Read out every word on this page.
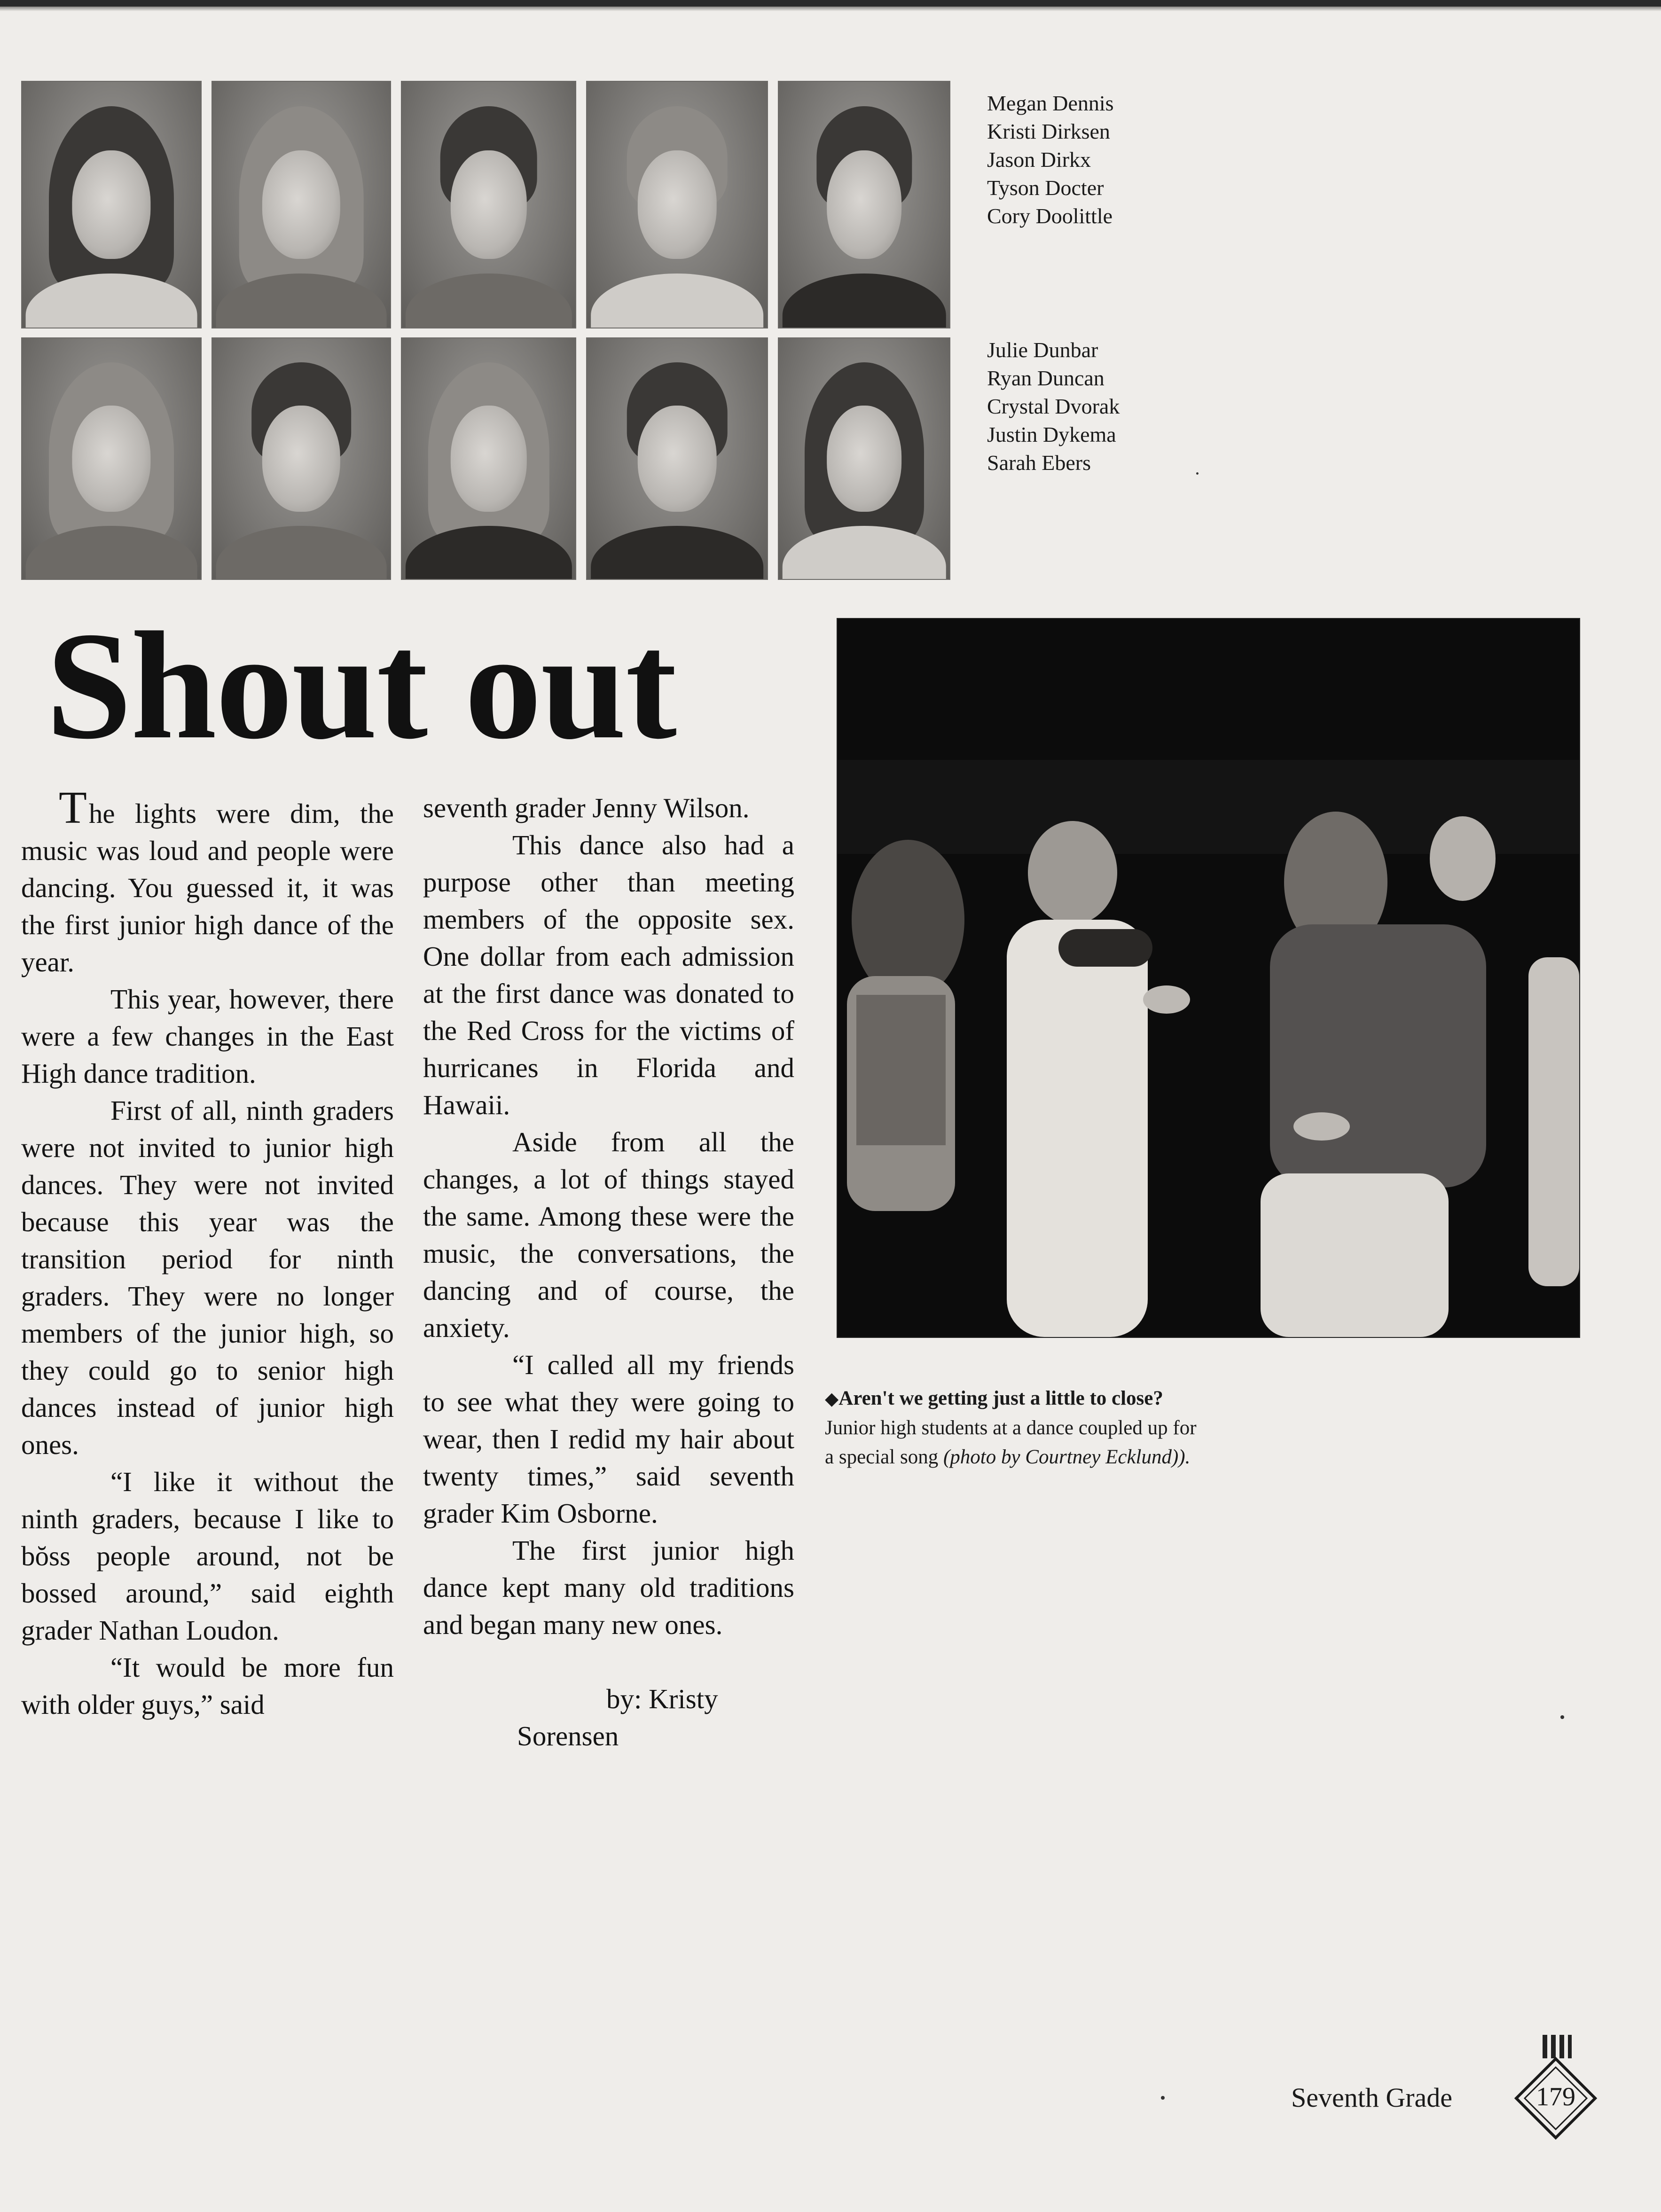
Megan Dennis
Kristi Dirksen
Jason Dirkx
Tyson Docter
Cory Doolittle
Julie Dunbar
Ryan Duncan
Crystal Dvorak
Justin Dykema
Sarah Ebers
Shout out

The lights were dim, the music was loud and people were dancing. You guessed it, it was the first junior high dance of the year.

This year, however, there were a few changes in the East High dance tradition.

First of all, ninth graders were not invited to junior high dances. They were not invited because this year was the transition period for ninth graders. They were no longer members of the junior high, so they could go to senior high dances instead of junior high ones.

“I like it without the ninth graders, because I like to bŏss people around, not be bossed around,” said eighth grader Nathan Loudon.

“It would be more fun with older guys,” said

seventh grader Jenny Wilson.

This dance also had a purpose other than meeting members of the opposite sex. One dollar from each admission at the first dance was donated to the Red Cross for the victims of hurricanes in Florida and Hawaii.

Aside from all the changes, a lot of things stayed the same. Among these were the music, the conversations, the dancing and of course, the anxiety.

“I called all my friends to see what they were going to wear, then I redid my hair about twenty times,” said seventh grader Kim Osborne.

The first junior high dance kept many old traditions and began many new ones.

by: Kristy Sorensen

◆Aren't we getting just a little to close? Junior high students at a dance coupled up for a special song (photo by Courtney Ecklund)).
Seventh Grade	179
